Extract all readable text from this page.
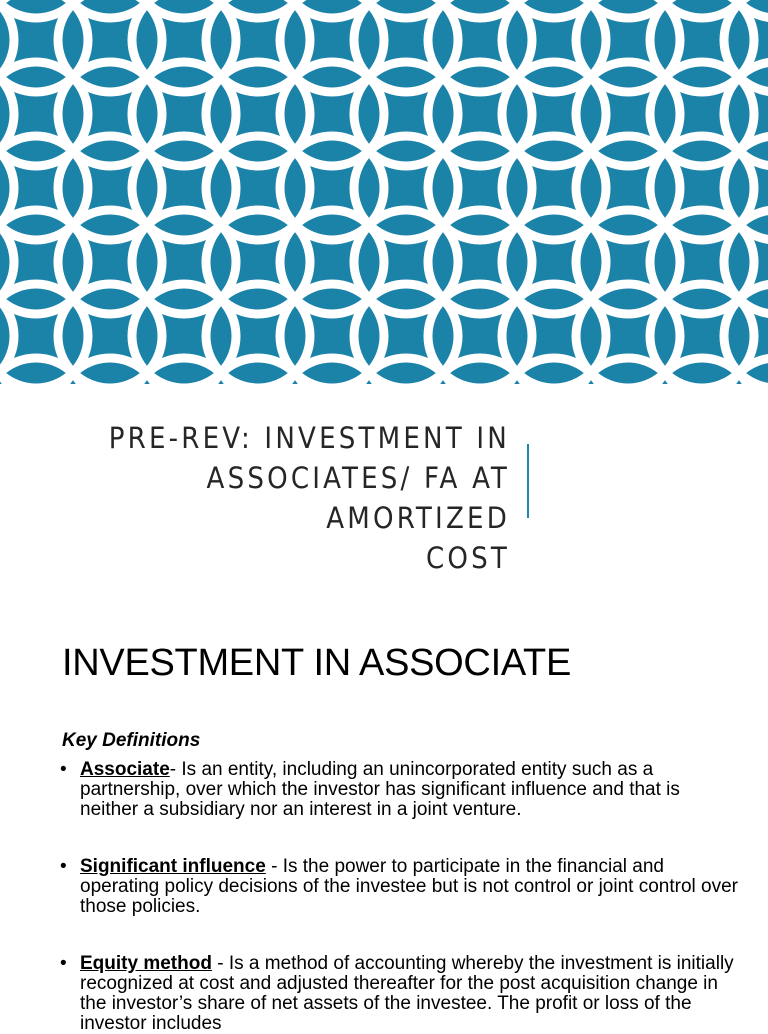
PRE-REV: INVESTMENT IN
ASSOCIATES/ FA AT AMORTIZED
COST
INVESTMENT IN ASSOCIATE
Key Definitions
• Associate- Is an entity, including an unincorporated entity such as a partnership, over which the investor has significant influence and that is neither a subsidiary nor an interest in a joint venture.
• Significant influence - Is the power to participate in the financial and operating policy decisions of the investee but is not control or joint control over those policies.
• Equity method - Is a method of accounting whereby the investment is initially recognized at cost and adjusted thereafter for the post acquisition change in the investor’s share of net assets of the investee. The profit or loss of the investor includes
